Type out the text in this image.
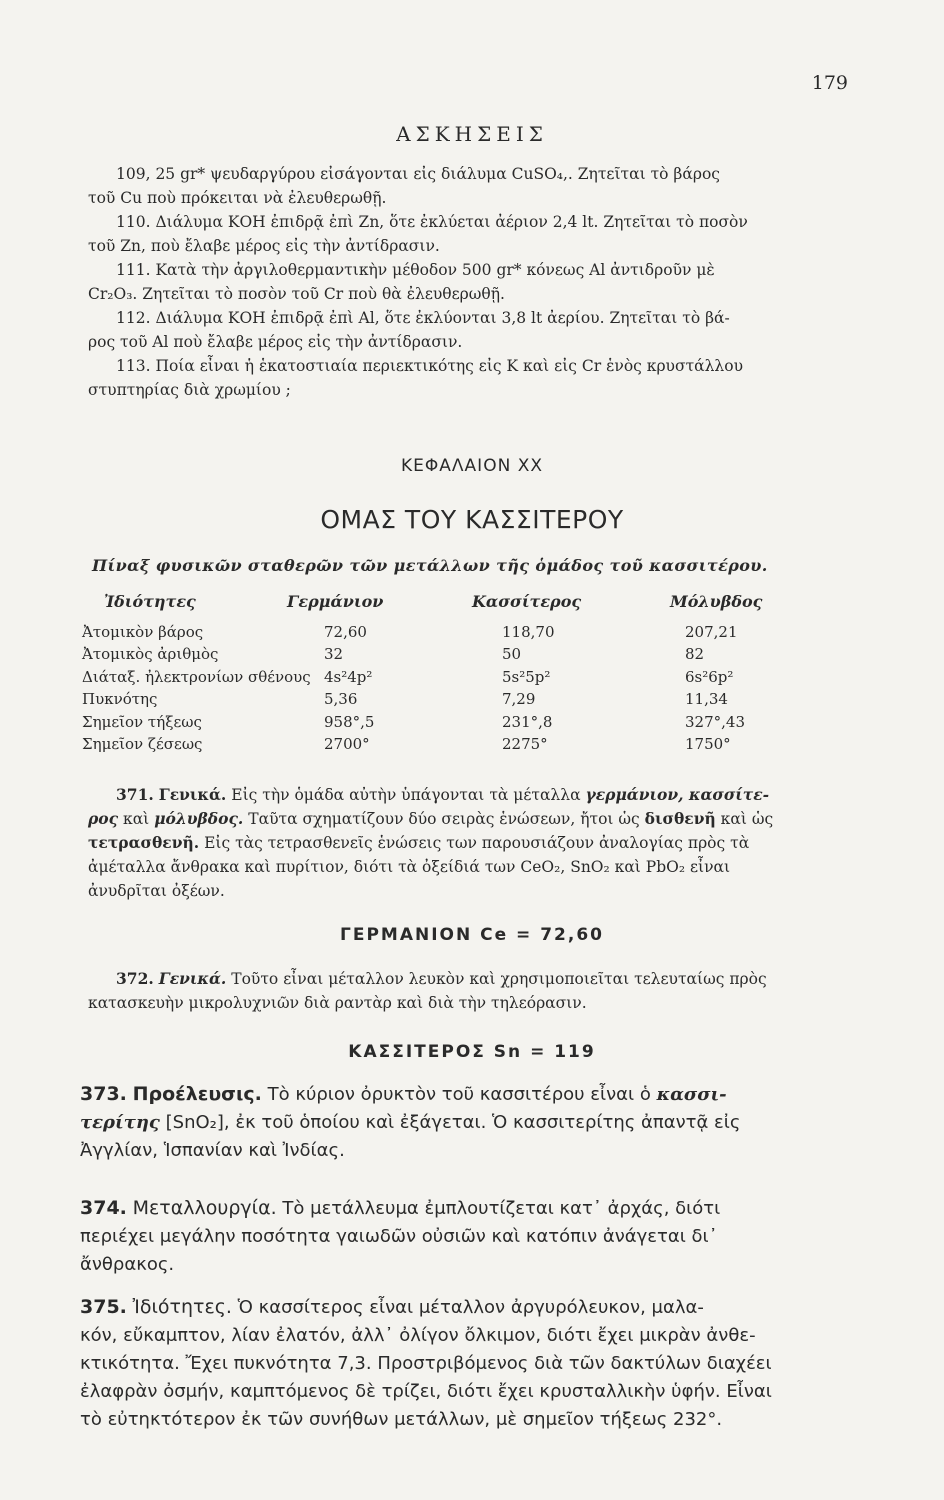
179
ΑΣΚΗΣΕΙΣ
109, 25 gr* ψευδαργύρου εἰσάγονται εἰς διάλυμα CuSO₄,. Ζητεῖται τὸ βάρος
τοῦ Cu ποὺ πρόκειται νὰ ἐλευθερωθῇ.
110. Διάλυμα ΚΟΗ ἐπιδρᾷ ἐπὶ Zn, ὅτε ἐκλύεται ἀέριον 2,4 lt. Ζητεῖται τὸ ποσὸν
τοῦ Zn, ποὺ ἔλαβε μέρος εἰς τὴν ἀντίδρασιν.
111. Κατὰ τὴν ἀργιλοθερμαντικὴν μέθοδον 500 gr* κόνεως Al ἀντιδροῦν μὲ
Cr₂O₃. Ζητεῖται τὸ ποσὸν τοῦ Cr ποὺ θὰ ἐλευθερωθῇ.
112. Διάλυμα ΚΟΗ ἐπιδρᾷ ἐπὶ Al, ὅτε ἐκλύονται 3,8 lt ἀερίου. Ζητεῖται τὸ βά-
ρος τοῦ Al ποὺ ἔλαβε μέρος εἰς τὴν ἀντίδρασιν.
113. Ποία εἶναι ἡ ἑκατοστιαία περιεκτικότης εἰς Κ καὶ εἰς Cr ἑνὸς κρυστάλλου
στυπτηρίας διὰ χρωμίου ;
ΚΕΦΑΛΑΙΟΝ XX
ΟΜΑΣ ΤΟΥ ΚΑΣΣΙΤΕΡΟΥ
Πίναξ φυσικῶν σταθερῶν τῶν μετάλλων τῆς ὁμάδος τοῦ κασσιτέρου.
Ἰδιότητες	Γερμάνιον	Κασσίτερος	Μόλυβδος
Ἀτομικὸν βάρος	72,60	118,70	207,21
Ἀτομικὸς ἀριθμὸς	32	50	82
Διάταξ. ἠλεκτρονίων σθένους 4s²4p²	5s²5p²	6s²6p²
Πυκνότης	5,36	7,29	11,34
Σημεῖον τήξεως	958°,5	231°,8	327°,43
Σημεῖον ζέσεως	2700°	2275°	1750°
371. Γενικά. Εἰς τὴν ὁμάδα αὐτὴν ὑπάγονται τὰ μέταλλα γερμάνιον, κασσίτε-
ρος καὶ μόλυβδος. Ταῦτα σχηματίζουν δύο σειρὰς ἑνώσεων, ἤτοι ὡς δισθενῆ καὶ ὡς
τετρασθενῆ. Εἰς τὰς τετρασθενεῖς ἑνώσεις των παρουσιάζουν ἀναλογίας πρὸς τὰ
ἀμέταλλα ἄνθρακα καὶ πυρίτιον, διότι τὰ ὀξείδιά των CeO₂, SnO₂ καὶ PbO₂ εἶναι
ἀνυδρῖται ὀξέων.
ΓΕΡΜΑΝΙΟΝ Ce = 72,60
372. Γενικά. Τοῦτο εἶναι μέταλλον λευκὸν καὶ χρησιμοποιεῖται τελευταίως πρὸς
κατασκευὴν μικρολυχνιῶν διὰ ραντὰρ καὶ διὰ τὴν τηλεόρασιν.
ΚΑΣΣΙΤΕΡΟΣ Sn = 119
373. Προέλευσις. Τὸ κύριον ὀρυκτὸν τοῦ κασσιτέρου εἶναι ὁ κασσι-
τερίτης [SnO₂], ἐκ τοῦ ὁποίου καὶ ἐξάγεται. Ὁ κασσιτερίτης ἀπαντᾷ εἰς
Ἀγγλίαν, Ἱσπανίαν καὶ Ἰνδίας.
374. Μεταλλουργία. Τὸ μετάλλευμα ἐμπλουτίζεται κατ᾽ ἀρχάς, διότι
περιέχει μεγάλην ποσότητα γαιωδῶν οὐσιῶν καὶ κατόπιν ἀνάγεται δι᾽
ἄνθρακος.
375. Ἰδιότητες. Ὁ κασσίτερος εἶναι μέταλλον ἀργυρόλευκον, μαλα-
κόν, εὔκαμπτον, λίαν ἐλατόν, ἀλλ᾽ ὀλίγον ὄλκιμον, διότι ἔχει μικρὰν ἀνθε-
κτικότητα. Ἔχει πυκνότητα 7,3. Προστριβόμενος διὰ τῶν δακτύλων διαχέει
ἐλαφρὰν ὀσμήν, καμπτόμενος δὲ τρίζει, διότι ἔχει κρυσταλλικὴν ὑφήν. Εἶναι
τὸ εὐτηκτότερον ἐκ τῶν συνήθων μετάλλων, μὲ σημεῖον τήξεως 232°.
